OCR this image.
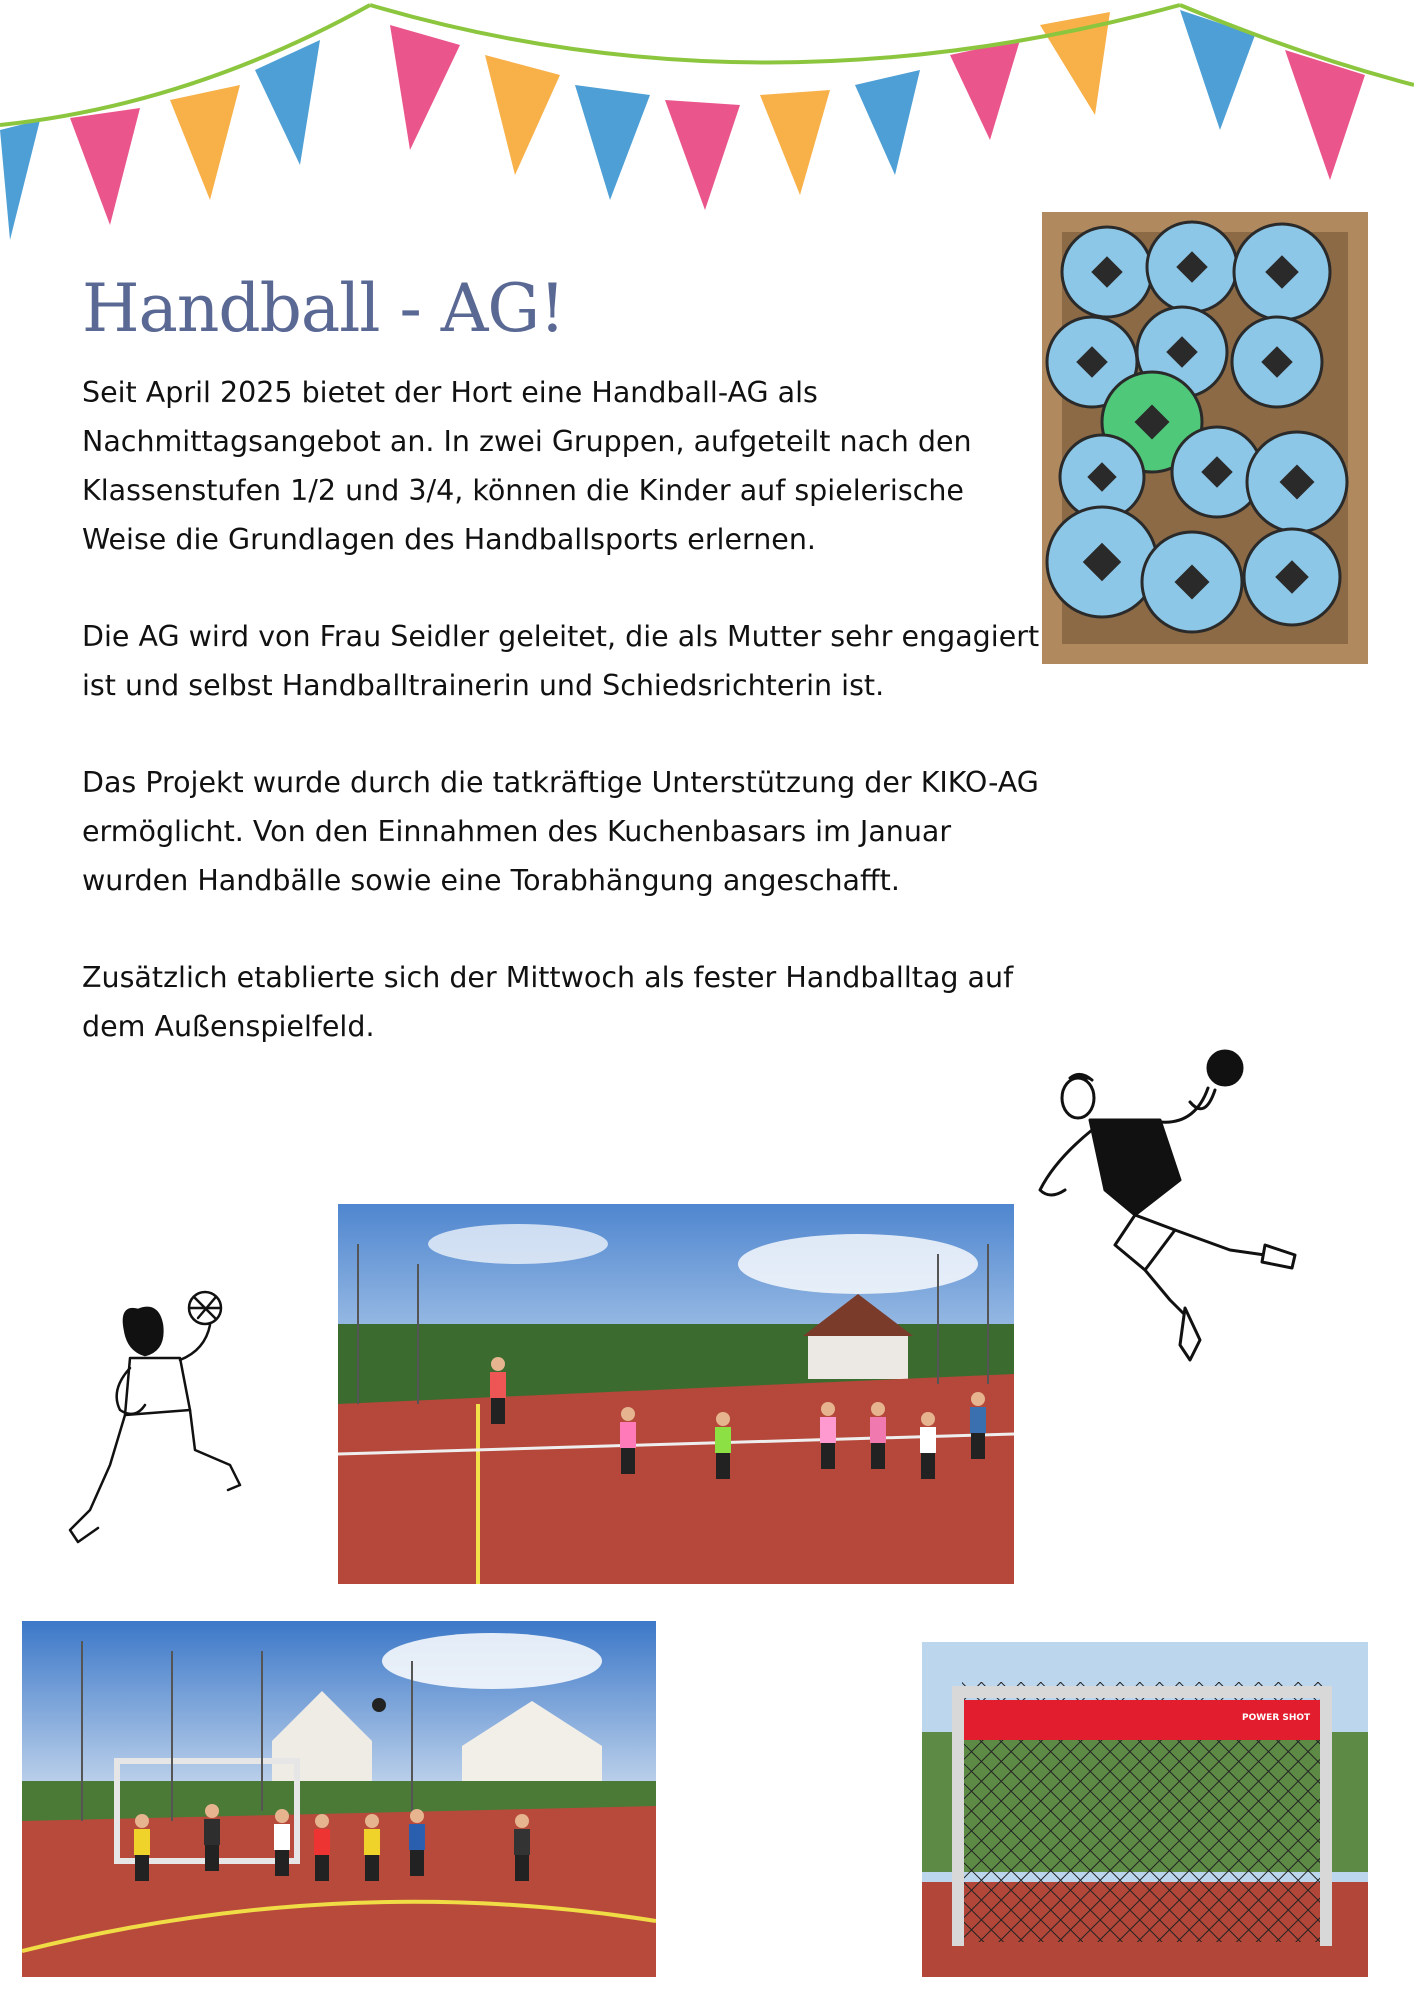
Handball - AG!

Seit April 2025 bietet der Hort eine Handball-AG als Nachmittagsangebot an. In zwei Gruppen, aufgeteilt nach den Klassenstufen 1/2 und 3/4, können die Kinder auf spielerische Weise die Grundlagen des Handballsports erlernen.

Die AG wird von Frau Seidler geleitet, die als Mutter sehr engagiert ist und selbst Handballtrainerin und Schiedsrichterin ist.

Das Projekt wurde durch die tatkräftige Unterstützung der KIKO-AG ermöglicht. Von den Einnahmen des Kuchenbasars im Januar wurden Handbälle sowie eine Torabhängung angeschafft.

Zusätzlich etablierte sich der Mittwoch als fester Handballtag auf dem Außenspielfeld.

POWER SHOT
